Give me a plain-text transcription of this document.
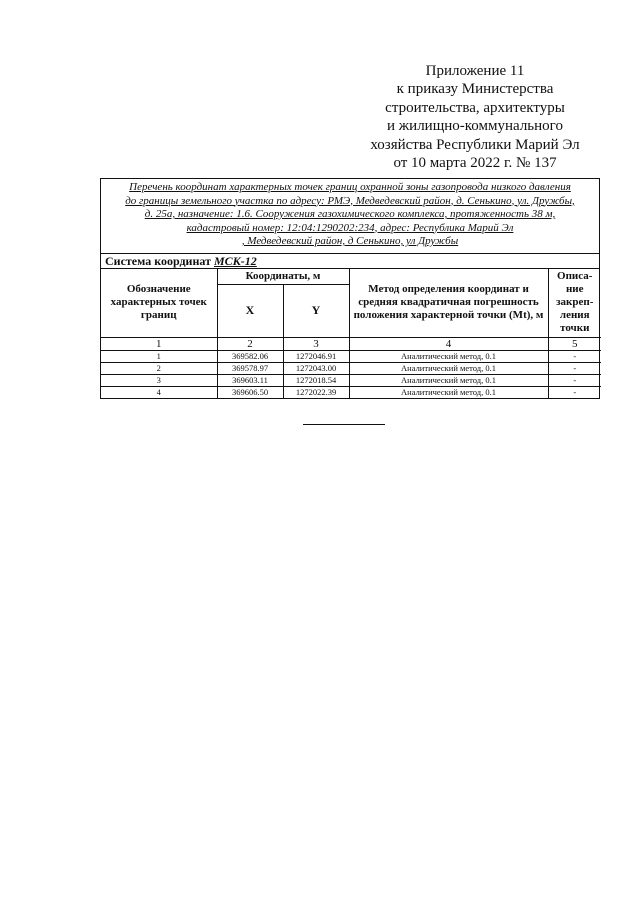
Приложение 11
к приказу Министерства
строительства, архитектуры
и жилищно-коммунального
хозяйства Республики Марий Эл
от 10 марта 2022 г. № 137
Перечень координат характерных точек границ охранной зоны газопровода низкого давления
до границы земельного участка по адресу: РМЭ, Медведевский район, д. Сенькино, ул. Дружбы,
д. 25а, назначение: 1.6. Сооружения газохимического комплекса, протяженность 38 м,
кадастровый номер: 12:04:1290202:234, адрес: Республика Марий Эл
, Медведевский район, д Сенькино, ул Дружбы
Система координат МСК-12
Обозначение характерных точек границ	Координаты, м		Метод определения координат и средняя квадратичная погрешность положения характерной точки (Mt), м	Описа-ние закреп-ления точки
	X	Y		
1	2	3	4	5
1	369582.06	1272046.91	Аналитический метод, 0.1	-
2	369578.97	1272043.00	Аналитический метод, 0.1	-
3	369603.11	1272018.54	Аналитический метод, 0.1	-
4	369606.50	1272022.39	Аналитический метод, 0.1	-
